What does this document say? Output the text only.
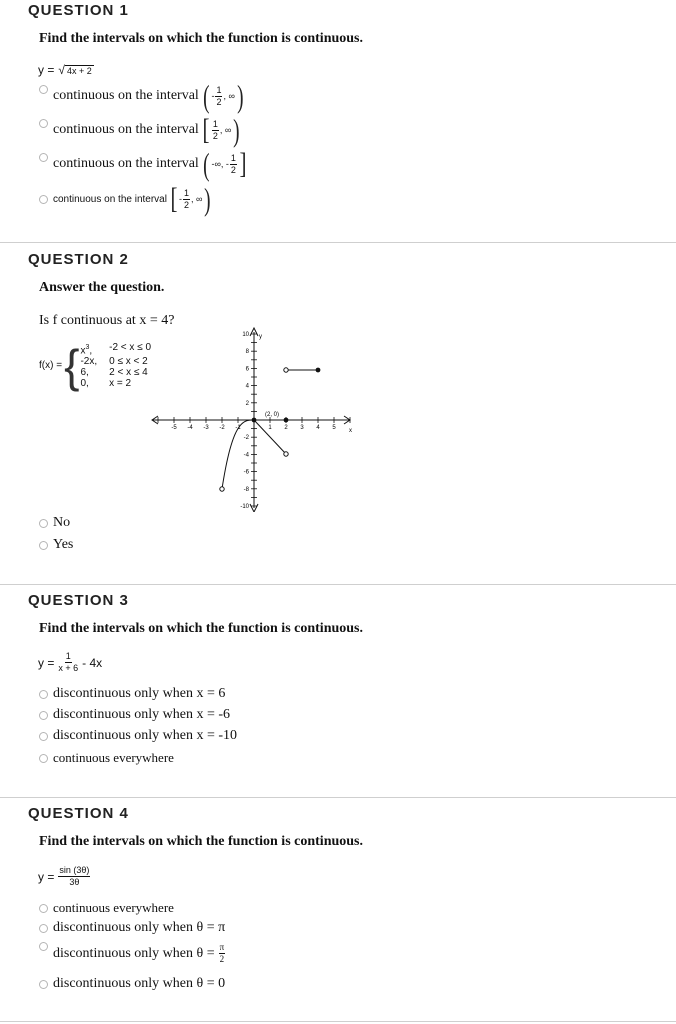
QUESTION 1
Find the intervals on which the function is continuous.
y = √ 4x + 2
continuous on the interval ( - $\frac{1}{2}$ , ∞ )
continuous on the interval [ $\frac{1}{2}$ , ∞ )
continuous on the interval ( -∞, - $\frac{1}{2}$ ]
continuous on the interval [ - $\frac{1}{2}$ , ∞ )
QUESTION 2
Answer the question.
Is f continuous at x = 4?
f(x) = { $x^3$,	-2 < x ≤ 0
-2x,	0 ≤ x < 2
6,	2 < x ≤ 4
0,	x = 2
y
x
10
8
6
4
2
-2
-4
-6
-8
-10
-5 -4 -3 -2 -1	1 2 3 4 5
(2, 0)
No
Yes
QUESTION 3
Find the intervals on which the function is continuous.
$y = \frac{1}{x + 6} - 4x$
discontinuous only when x = 6
discontinuous only when x = -6
discontinuous only when x = -10
continuous everywhere
QUESTION 4
Find the intervals on which the function is continuous.
$y = \frac{\sin (3\theta)}{3\theta}$
continuous everywhere
discontinuous only when θ = π
discontinuous only when $\theta = \frac{\pi}{2}$
discontinuous only when θ = 0
